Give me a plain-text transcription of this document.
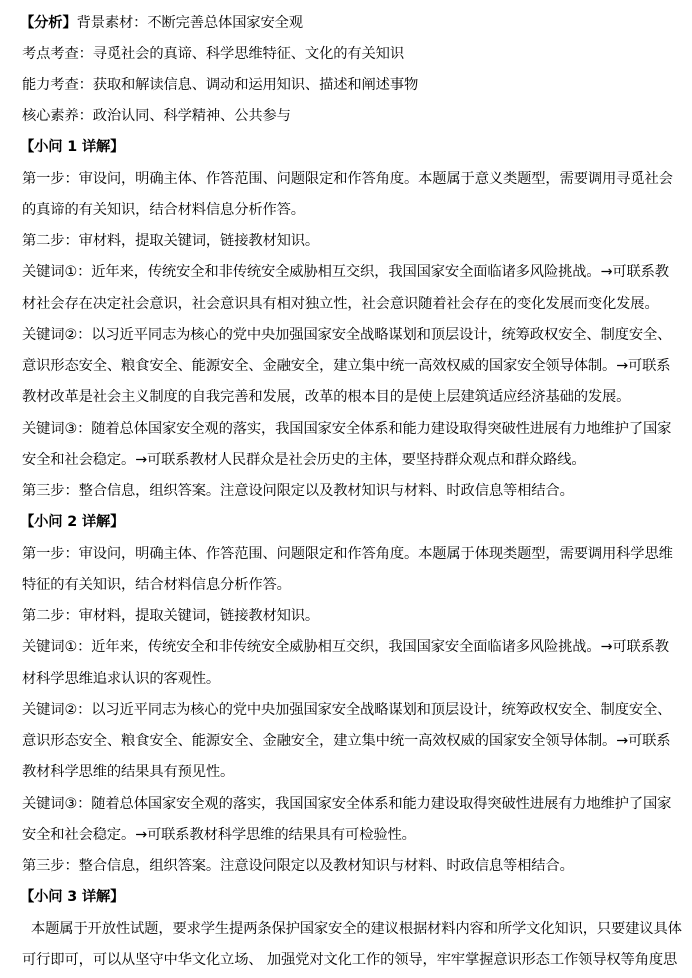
【分析】背景素材：不断完善总体国家安全观
考点考查：寻觅社会的真谛、科学思维特征、文化的有关知识
能力考查：获取和解读信息、调动和运用知识、描述和阐述事物
核心素养：政治认同、科学精神、公共参与
【小问 1 详解】
第一步：审设问，明确主体、作答范围、问题限定和作答角度。本题属于意义类题型，需要调用寻觅社会
的真谛的有关知识，结合材料信息分析作答。
第二步：审材料，提取关键词，链接教材知识。
关键词①：近年来，传统安全和非传统安全威胁相互交织，我国国家安全面临诸多风险挑战。→可联系教
材社会存在决定社会意识，社会意识具有相对独立性，社会意识随着社会存在的变化发展而变化发展。
关键词②：以习近平同志为核心的党中央加强国家安全战略谋划和顶层设计，统筹政权安全、制度安全、
意识形态安全、粮食安全、能源安全、金融安全，建立集中统一高效权威的国家安全领导体制。→可联系
教材改革是社会主义制度的自我完善和发展，改革的根本目的是使上层建筑适应经济基础的发展。
关键词③：随着总体国家安全观的落实，我国国家安全体系和能力建设取得突破性进展有力地维护了国家
安全和社会稳定。→可联系教材人民群众是社会历史的主体，要坚持群众观点和群众路线。
第三步：整合信息，组织答案。注意设问限定以及教材知识与材料、时政信息等相结合。
【小问 2 详解】
第一步：审设问，明确主体、作答范围、问题限定和作答角度。本题属于体现类题型，需要调用科学思维
特征的有关知识，结合材料信息分析作答。
第二步：审材料，提取关键词，链接教材知识。
关键词①：近年来，传统安全和非传统安全威胁相互交织，我国国家安全面临诸多风险挑战。→可联系教
材科学思维追求认识的客观性。
关键词②：以习近平同志为核心的党中央加强国家安全战略谋划和顶层设计，统筹政权安全、制度安全、
意识形态安全、粮食安全、能源安全、金融安全，建立集中统一高效权威的国家安全领导体制。→可联系
教材科学思维的结果具有预见性。
关键词③：随着总体国家安全观的落实，我国国家安全体系和能力建设取得突破性进展有力地维护了国家
安全和社会稳定。→可联系教材科学思维的结果具有可检验性。
第三步：整合信息，组织答案。注意设问限定以及教材知识与材料、时政信息等相结合。
【小问 3 详解】
本题属于开放性试题，要求学生提两条保护国家安全的建议根据材料内容和所学文化知识，只要建议具体
可行即可，可以从坚守中华文化立场、 加强党对文化工作的领导，牢牢掌握意识形态工作领导权等角度思
